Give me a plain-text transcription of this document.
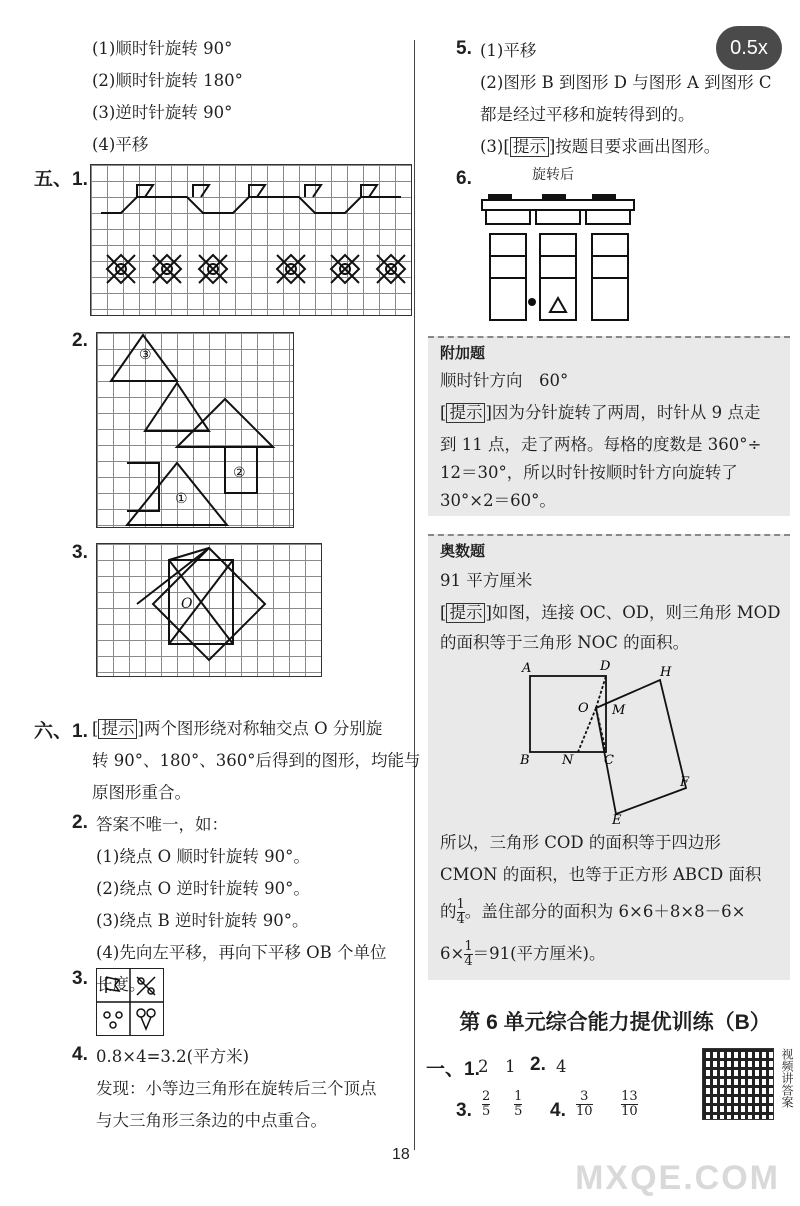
0.5x
(1)顺时针旋转 90°
(2)顺时针旋转 180°
(3)逆时针旋转 90°
(4)平移
五、1.
2.
③
②
①
3.
O
六、1. [ 提示 ]两个图形绕对称轴交点 O 分别旋
转 90°、180°、360°后得到的图形，均能与
原图形重合。
2. 答案不唯一，如：
(1)绕点 O 顺时针旋转 90°。
(2)绕点 O 逆时针旋转 90°。
(3)绕点 B 逆时针旋转 90°。
(4)先向左平移，再向下平移 OB 个单位
长度。
3.
4. 0.8×4=3.2(平方米)
发现：小等边三角形在旋转后三个顶点
与大三角形三条边的中点重合。
5. (1)平移
(2)图形 B 到图形 D 与图形 A 到图形 C
都是经过平移和旋转得到的。
(3)[ 提示 ]按题目要求画出图形。
6.	旋转后
附加题
顺时针方向　60°
[ 提示 ]因为分针旋转了两周，时针从 9 点走
到 11 点，走了两格。每格的度数是 360°÷
12＝30°，所以时针按顺时针方向旋转了
30°×2＝60°。
奥数题
91 平方厘米
[ 提示 ]如图，连接 OC、OD，则三角形 MOD
的面积等于三角形 NOC 的面积。
A	D	H
O M
B N C
F
E
所以，三角形 COD 的面积等于四边形
CMON 的面积，也等于正方形 ABCD 面积
的$\frac{1}{4}$ 。盖住部分的面积为 6×6＋8×8－6×
$6\times\frac{1}{4} =91$(平方厘米)。
第 6 单元综合能力提优训练（B）
一、1.
2　1 2. 4
3. $\frac{2}{5} \frac{1}{5} 4$. $\frac{3}{10} \frac{13}{10}$	视频讲答案
18
MXQE.COM
